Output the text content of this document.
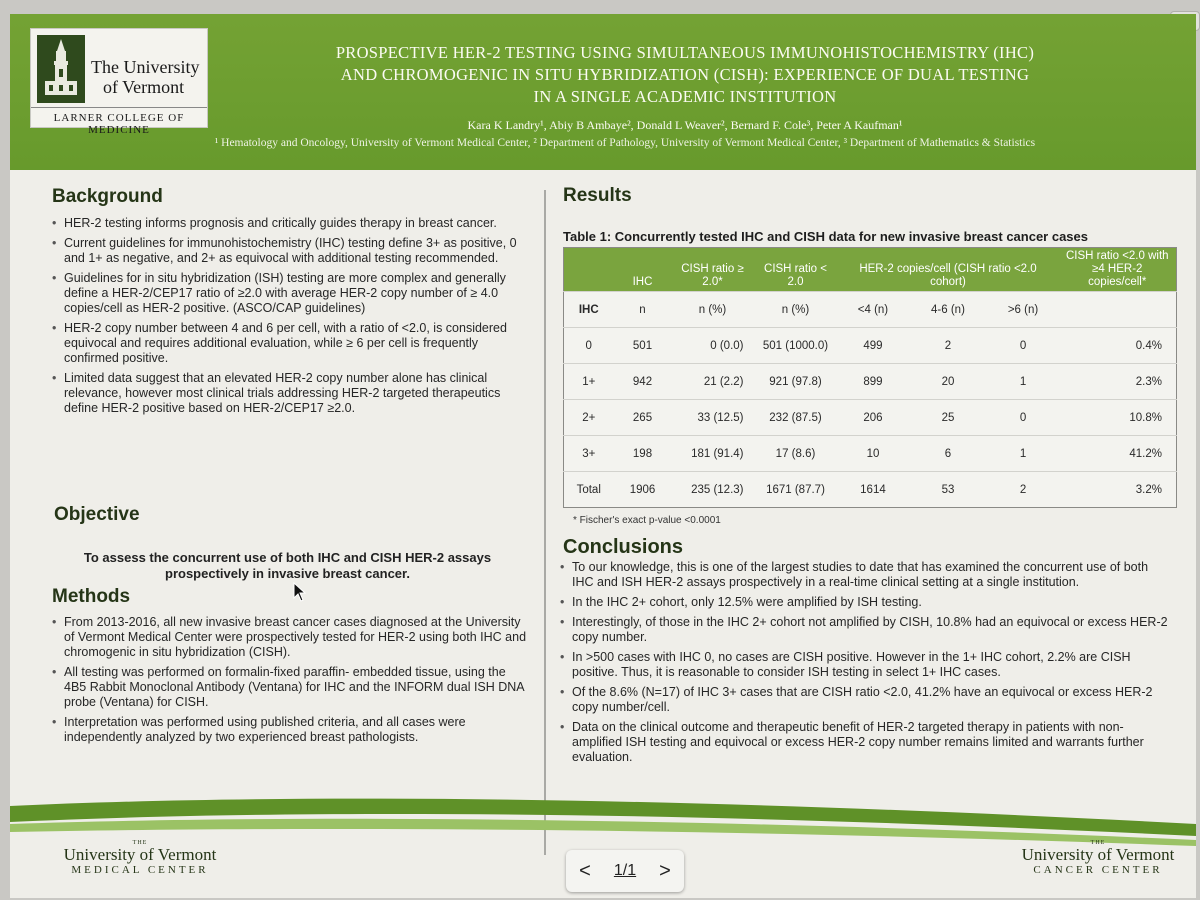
The University
of Vermont
LARNER COLLEGE OF MEDICINE
PROSPECTIVE HER-2 TESTING USING SIMULTANEOUS IMMUNOHISTOCHEMISTRY (IHC)
AND CHROMOGENIC IN SITU HYBRIDIZATION (CISH): EXPERIENCE OF DUAL TESTING
IN A SINGLE ACADEMIC INSTITUTION
Kara K Landry¹, Abiy B Ambaye², Donald L Weaver², Bernard F. Cole³, Peter A Kaufman¹
¹ Hematology and Oncology, University of Vermont Medical Center, ² Department of Pathology, University of Vermont Medical Center, ³ Department of Mathematics & Statistics
Background
• HER-2 testing informs prognosis and critically guides therapy in breast cancer.
• Current guidelines for immunohistochemistry (IHC) testing define 3+ as positive, 0 and 1+ as negative, and 2+ as equivocal with additional testing recommended.
• Guidelines for in situ hybridization (ISH) testing are more complex and generally define a HER-2/CEP17 ratio of ≥2.0 with average HER-2 copy number of ≥ 4.0 copies/cell as HER-2 positive. (ASCO/CAP guidelines)
• HER-2 copy number between 4 and 6 per cell, with a ratio of <2.0, is considered equivocal and requires additional evaluation, while ≥ 6 per cell is frequently confirmed positive.
• Limited data suggest that an elevated HER-2 copy number alone has clinical relevance, however most clinical trials addressing HER-2 targeted therapeutics define HER-2 positive based on HER-2/CEP17 ≥2.0.
Objective
To assess the concurrent use of both IHC and CISH HER-2 assays prospectively in invasive breast cancer.
Methods
• From 2013-2016, all new invasive breast cancer cases diagnosed at the University of Vermont Medical Center were prospectively tested for HER-2 using both IHC and chromogenic in situ hybridization (CISH).
• All testing was performed on formalin-fixed paraffin- embedded tissue, using the 4B5 Rabbit Monoclonal Antibody (Ventana) for IHC and the INFORM dual ISH DNA probe (Ventana) for CISH.
• Interpretation was performed using published criteria, and all cases were independently analyzed by two experienced breast pathologists.
Results
Table 1: Concurrently tested IHC and CISH data for new invasive breast cancer cases
	IHC	CISH ratio ≥ 2.0*	CISH ratio < 2.0	HER-2 copies/cell (CISH ratio <2.0 cohort)			CISH ratio <2.0 with ≥4 HER-2 copies/cell*
IHC	n	n (%)	n (%)	<4 (n)	4-6 (n)	>6 (n)	
0	501	0 (0.0)	501 (1000.0)	499	2	0	0.4%
1+	942	21 (2.2)	921 (97.8)	899	20	1	2.3%
2+	265	33 (12.5)	232 (87.5)	206	25	0	10.8%
3+	198	181 (91.4)	17 (8.6)	10	6	1	41.2%
Total	1906	235 (12.3)	1671 (87.7)	1614	53	2	3.2%
* Fischer's exact p-value <0.0001
Conclusions
• To our knowledge, this is one of the largest studies to date that has examined the concurrent use of both IHC and ISH HER-2 assays prospectively in a real-time clinical setting at a single institution.
• In the IHC 2+ cohort, only 12.5% were amplified by ISH testing.
• Interestingly, of those in the IHC 2+ cohort not amplified by CISH, 10.8% had an equivocal or excess HER-2 copy number.
• In >500 cases with IHC 0, no cases are CISH positive. However in the 1+ IHC cohort, 2.2% are CISH positive. Thus, it is reasonable to consider ISH testing in select 1+ IHC cases.
• Of the 8.6% (N=17) of IHC 3+ cases that are CISH ratio <2.0, 41.2% have an equivocal or excess HER-2 copy number/cell.
• Data on the clinical outcome and therapeutic benefit of HER-2 targeted therapy in patients with non-amplified ISH testing and equivocal or excess HER-2 copy number remains limited and warrants further evaluation.
THE
University of Vermont
MEDICAL CENTER	< 1/1 >
THE
University of Vermont
CANCER CENTER
